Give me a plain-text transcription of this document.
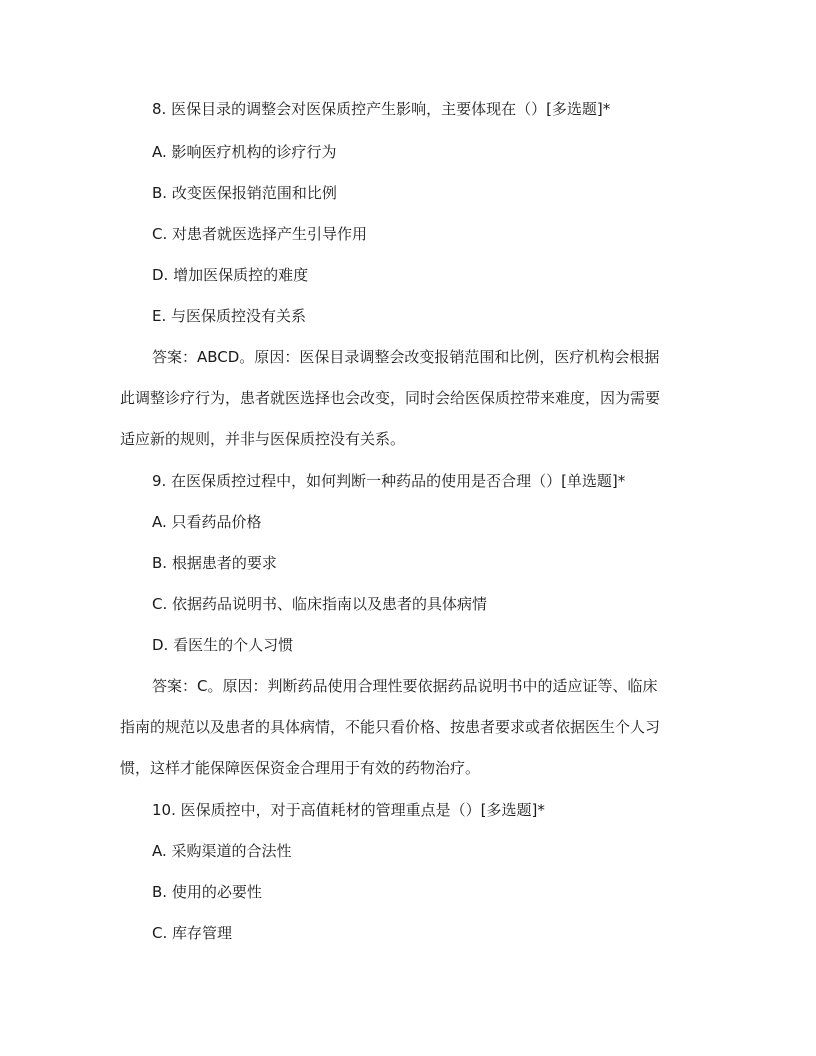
8. 医保目录的调整会对医保质控产生影响，主要体现在（）[多选题]*
A. 影响医疗机构的诊疗行为
B. 改变医保报销范围和比例
C. 对患者就医选择产生引导作用
D. 增加医保质控的难度
E. 与医保质控没有关系
答案：ABCD。原因：医保目录调整会改变报销范围和比例，医疗机构会根据
此调整诊疗行为，患者就医选择也会改变，同时会给医保质控带来难度，因为需要
适应新的规则，并非与医保质控没有关系。
9. 在医保质控过程中，如何判断一种药品的使用是否合理（）[单选题]*
A. 只看药品价格
B. 根据患者的要求
C. 依据药品说明书、临床指南以及患者的具体病情
D. 看医生的个人习惯
答案：C。原因：判断药品使用合理性要依据药品说明书中的适应证等、临床
指南的规范以及患者的具体病情，不能只看价格、按患者要求或者依据医生个人习
惯，这样才能保障医保资金合理用于有效的药物治疗。
10. 医保质控中，对于高值耗材的管理重点是（）[多选题]*
A. 采购渠道的合法性
B. 使用的必要性
C. 库存管理
